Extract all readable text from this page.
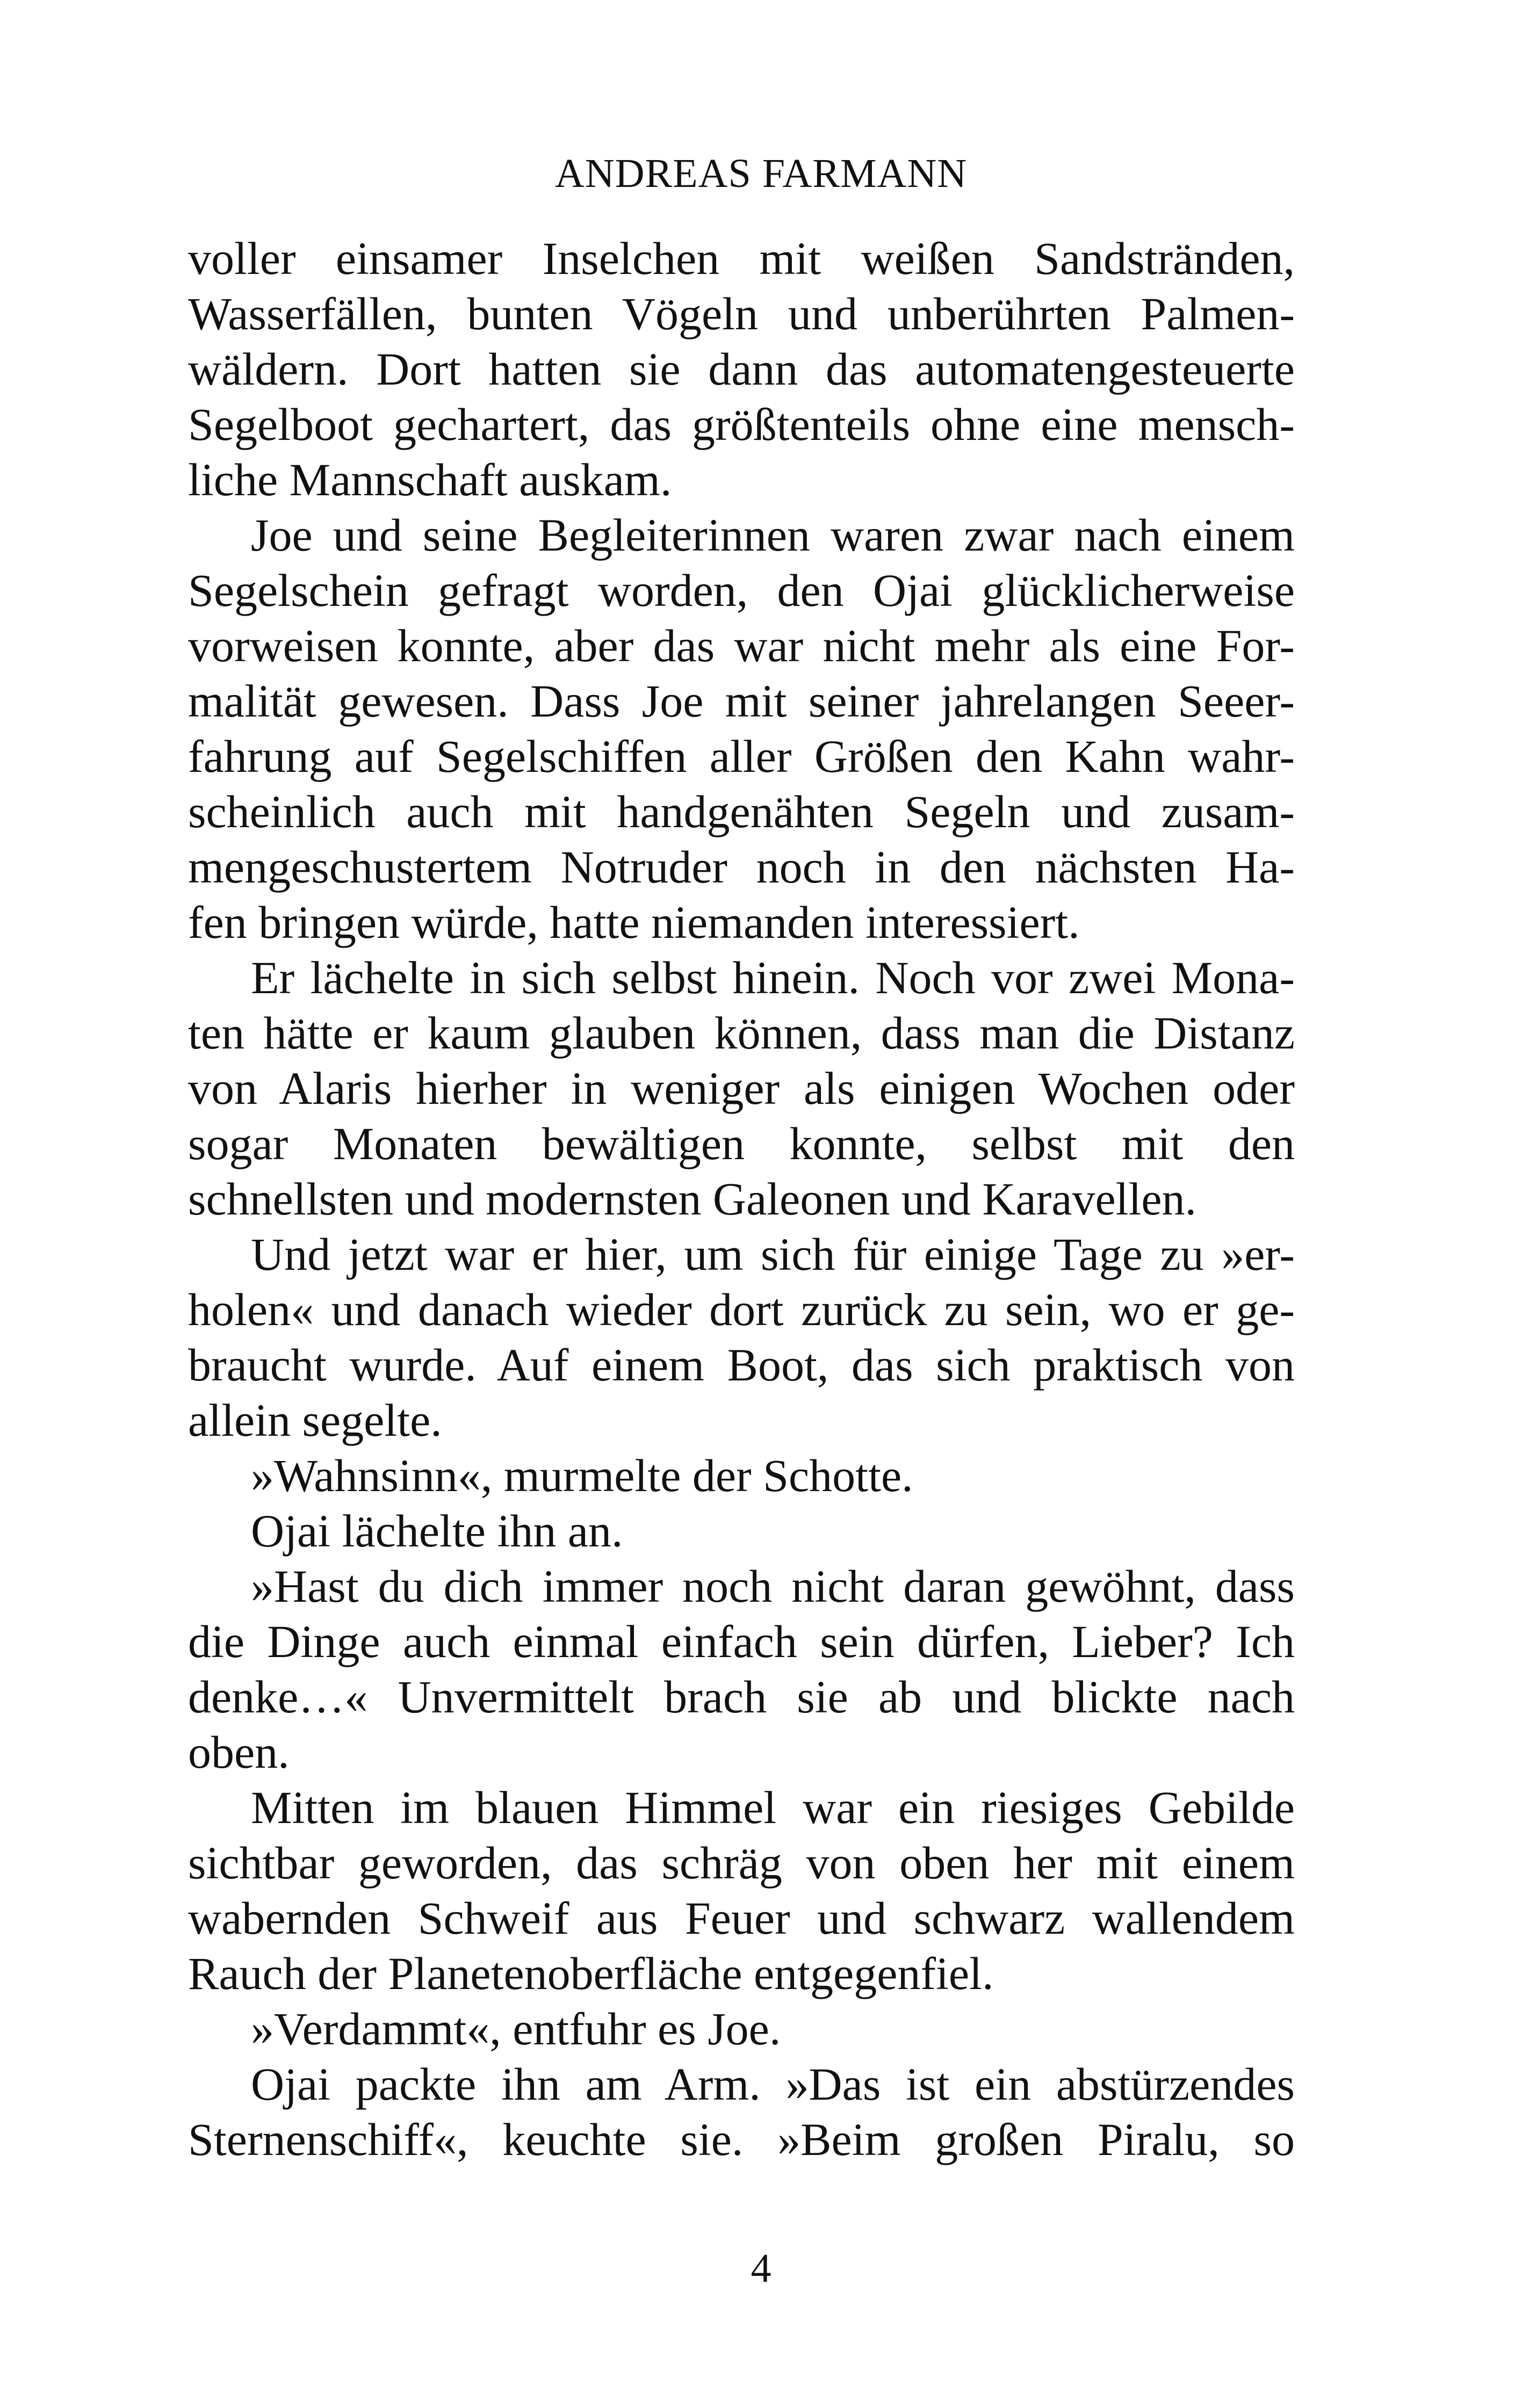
ANDREAS FARMANN
voller einsamer Inselchen mit weißen Sandstränden,
Wasserfällen, bunten Vögeln und unberührten Palmen-
wäldern. Dort hatten sie dann das automatengesteuerte
Segelboot gechartert, das größtenteils ohne eine mensch-
liche Mannschaft auskam.
Joe und seine Begleiterinnen waren zwar nach einem
Segelschein gefragt worden, den Ojai glücklicherweise
vorweisen konnte, aber das war nicht mehr als eine For-
malität gewesen. Dass Joe mit seiner jahrelangen Seeer-
fahrung auf Segelschiffen aller Größen den Kahn wahr-
scheinlich auch mit handgenähten Segeln und zusam-
mengeschustertem Notruder noch in den nächsten Ha-
fen bringen würde, hatte niemanden interessiert.
Er lächelte in sich selbst hinein. Noch vor zwei Mona-
ten hätte er kaum glauben können, dass man die Distanz
von Alaris hierher in weniger als einigen Wochen oder
sogar Monaten bewältigen konnte, selbst mit den
schnellsten und modernsten Galeonen und Karavellen.
Und jetzt war er hier, um sich für einige Tage zu »er-
holen« und danach wieder dort zurück zu sein, wo er ge-
braucht wurde. Auf einem Boot, das sich praktisch von
allein segelte.
»Wahnsinn«, murmelte der Schotte.
Ojai lächelte ihn an.
»Hast du dich immer noch nicht daran gewöhnt, dass
die Dinge auch einmal einfach sein dürfen, Lieber? Ich
denke…« Unvermittelt brach sie ab und blickte nach
oben.
Mitten im blauen Himmel war ein riesiges Gebilde
sichtbar geworden, das schräg von oben her mit einem
wabernden Schweif aus Feuer und schwarz wallendem
Rauch der Planetenoberfläche entgegenfiel.
»Verdammt«, entfuhr es Joe.
Ojai packte ihn am Arm. »Das ist ein abstürzendes
Sternenschiff«, keuchte sie. »Beim großen Piralu, so
4
